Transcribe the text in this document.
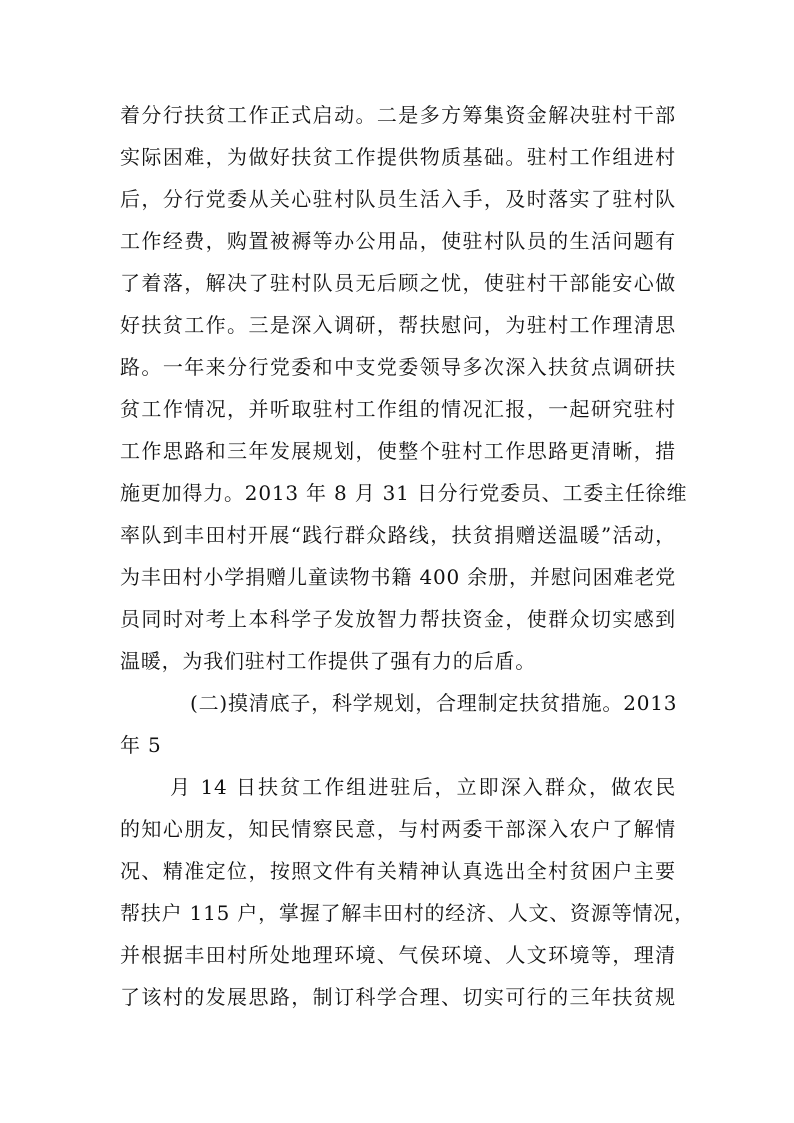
着分行扶贫工作正式启动。二是多方筹集资金解决驻村干部
实际困难，为做好扶贫工作提供物质基础。驻村工作组进村
后，分行党委从关心驻村队员生活入手，及时落实了驻村队
工作经费，购置被褥等办公用品，使驻村队员的生活问题有
了着落，解决了驻村队员无后顾之忧，使驻村干部能安心做
好扶贫工作。三是深入调研，帮扶慰问，为驻村工作理清思
路。一年来分行党委和中支党委领导多次深入扶贫点调研扶
贫工作情况，并听取驻村工作组的情况汇报，一起研究驻村
工作思路和三年发展规划，使整个驻村工作思路更清晰，措
施更加得力。2013 年 8 月 31 日分行党委员、工委主任徐维
率队到丰田村开展“践行群众路线，扶贫捐赠送温暖”活动，
为丰田村小学捐赠儿童读物书籍 400 余册，并慰问困难老党
员同时对考上本科学子发放智力帮扶资金，使群众切实感到
温暖，为我们驻村工作提供了强有力的后盾。
(二)摸清底子，科学规划，合理制定扶贫措施。2013
年 5
月 14 日扶贫工作组进驻后，立即深入群众，做农民
的知心朋友，知民情察民意，与村两委干部深入农户了解情
况、精准定位，按照文件有关精神认真选出全村贫困户主要
帮扶户 115 户，掌握了解丰田村的经济、人文、资源等情况，
并根据丰田村所处地理环境、气侯环境、人文环境等，理清
了该村的发展思路，制订科学合理、切实可行的三年扶贫规
